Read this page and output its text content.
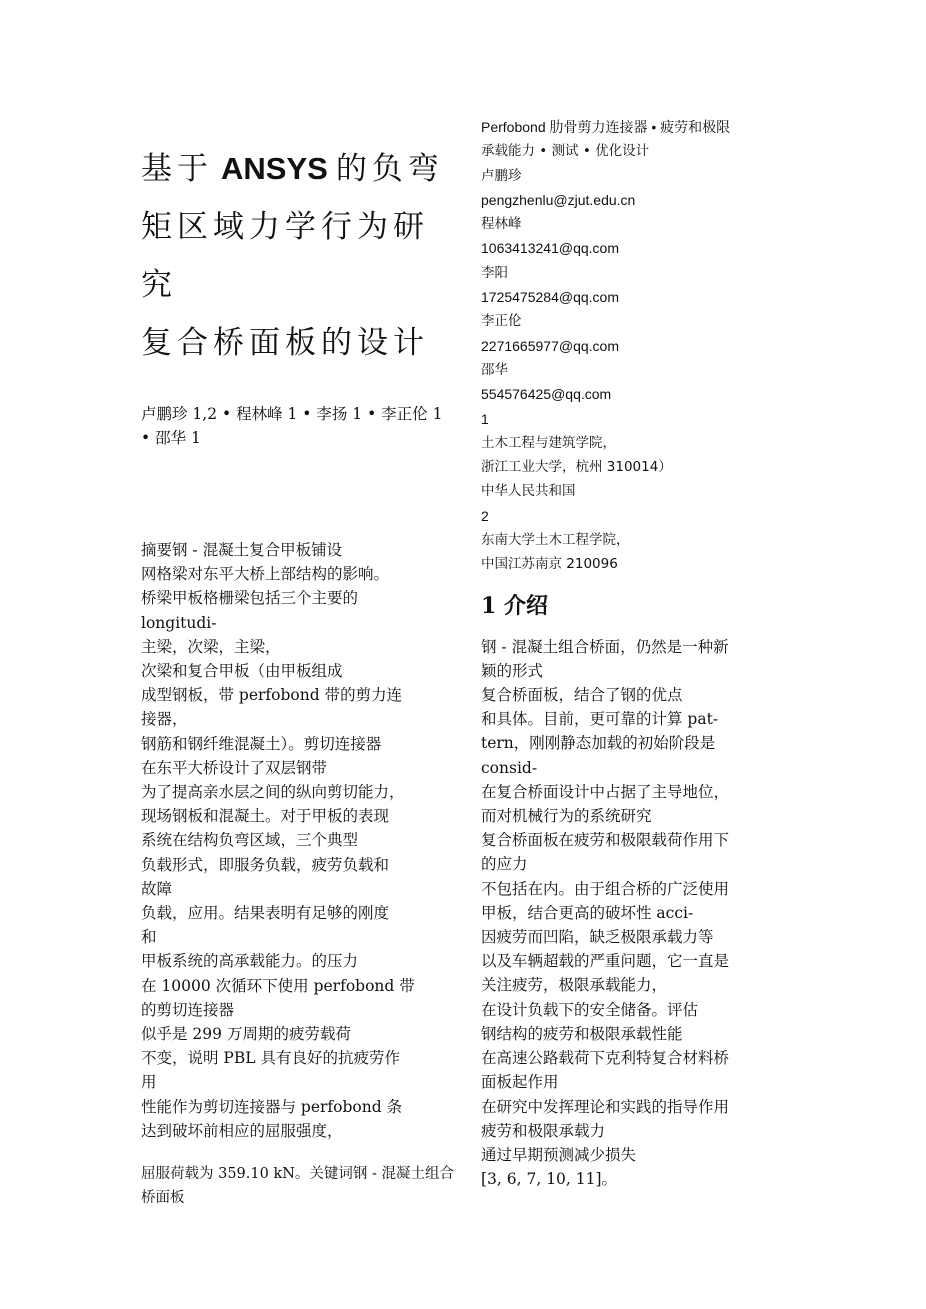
基于 ANSYS 的负弯
矩区域力学行为研
究
复合桥面板的设计
卢鹏珍 1,2 • 程林峰 1 • 李扬 1 • 李正伦 1 • 邵华 1
摘要钢 - 混凝土复合甲板铺设
网格梁对东平大桥上部结构的影响。
桥梁甲板格栅梁包括三个主要的
longitudi-
主梁，次梁，主梁，
次梁和复合甲板（由甲板组成
成型钢板，带 perfobond 带的剪力连
接器，
钢筋和钢纤维混凝土）。剪切连接器
在东平大桥设计了双层钢带
为了提高亲水层之间的纵向剪切能力，
现场钢板和混凝土。对于甲板的表现
系统在结构负弯区域，三个典型
负载形式，即服务负载，疲劳负载和
故障
负载，应用。结果表明有足够的刚度
和
甲板系统的高承载能力。的压力
在 10000 次循环下使用 perfobond 带
的剪切连接器
似乎是 299 万周期的疲劳载荷
不变，说明 PBL 具有良好的抗疲劳作
用
性能作为剪切连接器与 perfobond 条
达到破坏前相应的屈服强度，
屈服荷载为 359.10 kN。关键词钢 - 混凝土组合桥面板
Perfobond 肋骨剪力连接器 • 疲劳和极限
承载能力 • 测试 • 优化设计
卢鹏珍
pengzhenlu@zjut.edu.cn
程林峰
1063413241@qq.com
李阳
1725475284@qq.com
李正伦
2271665977@qq.com
邵华
554576425@qq.com
1
土木工程与建筑学院，
浙江工业大学，杭州 310014）
中华人民共和国
2
东南大学土木工程学院，
中国江苏南京 210096
1 介绍
钢 - 混凝土组合桥面，仍然是一种新
颖的形式
复合桥面板，结合了钢的优点
和具体。目前，更可靠的计算 pat-
tern，刚刚静态加载的初始阶段是
consid-
在复合桥面设计中占据了主导地位，
而对机械行为的系统研究
复合桥面板在疲劳和极限载荷作用下
的应力
不包括在内。由于组合桥的广泛使用
甲板，结合更高的破坏性 acci-
因疲劳而凹陷，缺乏极限承载力等
以及车辆超载的严重问题，它一直是
关注疲劳，极限承载能力，
在设计负载下的安全储备。评估
钢结构的疲劳和极限承载性能
在高速公路载荷下克利特复合材料桥
面板起作用
在研究中发挥理论和实践的指导作用
疲劳和极限承载力
通过早期预测减少损失
[3, 6, 7, 10, 11]。
